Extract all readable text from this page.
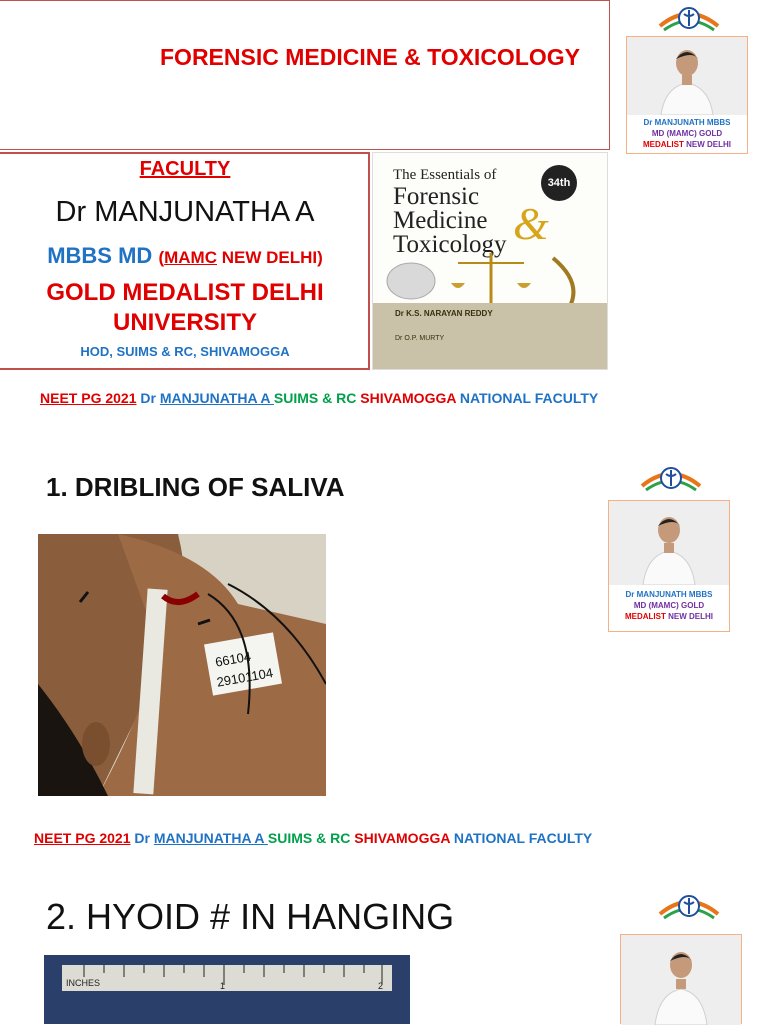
FORENSIC MEDICINE & TOXICOLOGY
Dr MANJUNATH MBBS
MD (MAMC) GOLD
MEDALIST NEW DELHI
FACULTY
Dr MANJUNATHA A
MBBS MD (MAMC NEW DELHI)
GOLD MEDALIST DELHI
UNIVERSITY
HOD, SUIMS & RC, SHIVAMOGGA
The Essentials of
Forensic
Medicine
Toxicology &
34th
Dr K.S. NARAYAN REDDY
Dr O.P. MURTY
NEET PG 2021 Dr MANJUNATHA A SUIMS & RC SHIVAMOGGA NATIONAL FACULTY
1. DRIBLING OF SALIVA
Dr MANJUNATH MBBS
MD (MAMC) GOLD
MEDALIST NEW DELHI
66104
29101104
NEET PG 2021 Dr MANJUNATHA A SUIMS & RC SHIVAMOGGA NATIONAL FACULTY
2. HYOID # IN HANGING
INCHES	1	2
